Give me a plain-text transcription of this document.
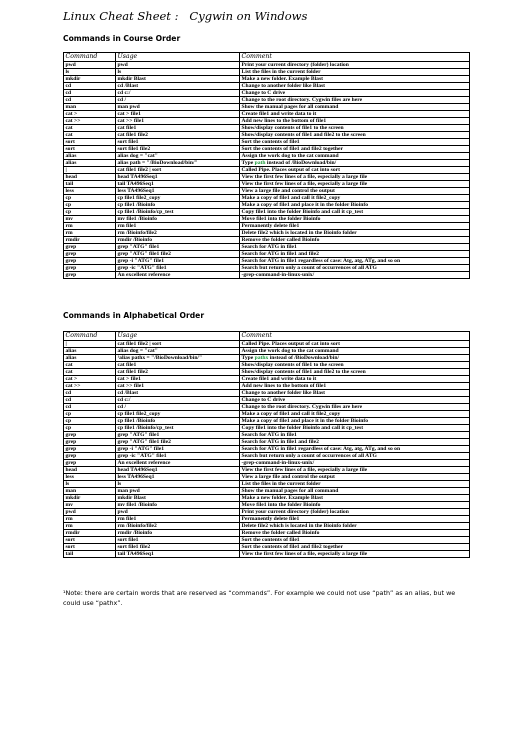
Linux Cheat Sheet :   Cygwin on Windows
Commands in Course Order
Command	Usage	Comment
pwd	pwd	Print your current directory (folder) location
ls	ls	List the files in the current folder
mkdir	mkdir Blast	Make a new folder. Example Blast
cd	cd /Blast	Change to another folder like Blast
cd	cd c:/	Change to C drive
cd	cd /	Change to the root directory. Cygwin files are here
man	man pwd	Show the manual pages for all command
cat >	cat > file1	Create file1 and write data to it
cat >>	cat >> file1	Add new lines to the bottom of file1
cat	cat file1	Show/display contents of file1 to the screen
cat	cat file1 file2	Show/display contents of file1 and file2 to the screen
sort	sort file1	Sort the contents of file1
sort	sort file1 file2	Sort the contents of file1 and file2 together
alias	alias dog = "cat"	Assign the work dog to the cat command
alias	alias path = "/BioDownload/bin/"	Type path instead of /BioDownload/bin/
|	cat file1 file2 | sort	Called Pipe. Places output of cat into sort
head	head TA496Seq1	View the first few lines of a file, especially a large file
tail	tail TA496Seq1	View the first few lines of a file, especially a large file
less	less TA496Seq1	View a large file and control the output
cp	cp file1 file2_copy	Make a copy of file1 and call it file2_copy
cp	cp file1 /Bioinfo	Make a copy of file1 and place it in the folder Bioinfo
cp	cp file1 /Bioinfo/cp_test	Copy file1 into the folder Bioinfo and call it cp_test
mv	mv file1 /Bioinfo	Move file1 into the folder Bioinfo
rm	rm file1	Permanently delete file1
rm	rm /Bioinfo/file2	Delete file2 which is located in the Bioinfo folder
rmdir	rmdir /Bioinfo	Remove the folder called Bioinfo
grep	grep "ATG" file1	Search for ATG in file1
grep	grep "ATG" file1 file2	Search for ATG in file1 and file2
grep	grep -i "ATG" file1	Search for ATG in file1 regardless of case: Atg, atg, ATg, and so on
grep	grep -ic "ATG" file1	Search but return only a count of occurrences of all ATG
grep	An excellent reference	-grep-command-in-linux-unix/
Commands in Alphabetical Order
Command	Usage	Comment
|	cat file1 file2 | sort	Called Pipe. Places output of cat into sort
alias	alias dog = "cat"	Assign the work dog to the cat command
alias	¹alias pathx = "/BioDownload/bin/"	Type pathx instead of /BioDownload/bin/
cat	cat file1	Show/display contents of file1 to the screen
cat	cat file1 file2	Show/display contents of file1 and file2 to the screen
cat >	cat > file1	Create file1 and write data to it
cat >>	cat >> file1	Add new lines to the bottom of file1
cd	cd /Blast	Change to another folder like Blast
cd	cd c:/	Change to C drive
cd	cd /	Change to the root directory. Cygwin files are here
cp	cp file1 file2_copy	Make a copy of file1 and call it file2_copy
cp	cp file1 /Bioinfo	Make a copy of file1 and place it in the folder Bioinfo
cp	cp file1 /Bioinfo/cp_test	Copy file1 into the folder Bioinfo and call it cp_test
grep	grep "ATG" file1	Search for ATG in file1
grep	grep "ATG" file1 file2	Search for ATG in file1 and file2
grep	grep -i "ATG" file1	Search for ATG in file1 regardless of case: Atg, atg, ATg, and so on
grep	grep -ic "ATG" file1	Search but return only a count of occurrences of all ATG
grep	An excellent reference	-grep-command-in-linux-unix/
head	head TA496Seq1	View the first few lines of a file, especially a large file
less	less TA496Seq1	View a large file and control the output
ls	ls	List the files in the current folder
man	man pwd	Show the manual pages for all command
mkdir	mkdir Blast	Make a new folder. Example Blast
mv	mv file1 /Bioinfo	Move file1 into the folder Bioinfo
pwd	pwd	Print your current directory (folder) location
rm	rm file1	Permanently delete file1
rm	rm /Bioinfo/file2	Delete file2 which is located in the Bioinfo folder
rmdir	rmdir /Bioinfo	Remove the folder called Bioinfo
sort	sort file1	Sort the contents of file1
sort	sort file1 file2	Sort the contents of file1 and file2 together
tail	tail TA496Seq1	View the first few lines of a file, especially a large file
¹Note: there are certain words that are reserved as “commands”. For example we could not use “path” as an alias, but we could use “pathx”.
